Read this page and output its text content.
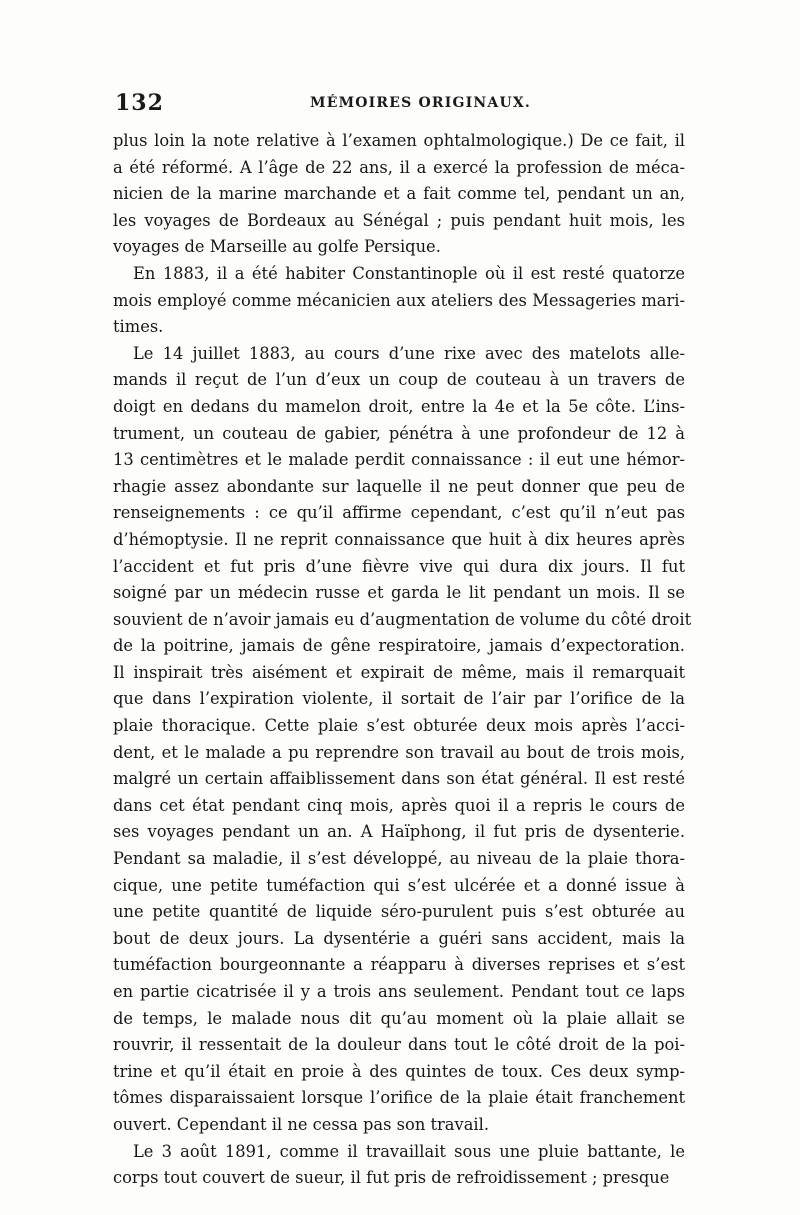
132	MÉMOIRES ORIGINAUX.
plus loin la note relative à l’examen ophtalmologique.) De ce fait, il
a été réformé. A l’âge de 22 ans, il a exercé la profession de méca-
nicien de la marine marchande et a fait comme tel, pendant un an,
les voyages de Bordeaux au Sénégal ; puis pendant huit mois, les
voyages de Marseille au golfe Persique.
En 1883, il a été habiter Constantinople où il est resté quatorze
mois employé comme mécanicien aux ateliers des Messageries mari-
times.
Le 14 juillet 1883, au cours d’une rixe avec des matelots alle-
mands il reçut de l’un d’eux un coup de couteau à un travers de
doigt en dedans du mamelon droit, entre la 4e et la 5e côte. L’ins-
trument, un couteau de gabier, pénétra à une profondeur de 12 à
13 centimètres et le malade perdit connaissance : il eut une hémor-
rhagie assez abondante sur laquelle il ne peut donner que peu de
renseignements : ce qu’il affirme cependant, c’est qu’il n’eut pas
d’hémoptysie. Il ne reprit connaissance que huit à dix heures après
l’accident et fut pris d’une fièvre vive qui dura dix jours. Il fut
soigné par un médecin russe et garda le lit pendant un mois. Il se
souvient de n’avoir jamais eu d’augmentation de volume du côté droit
de la poitrine, jamais de gêne respiratoire, jamais d’expectoration.
Il inspirait très aisément et expirait de même, mais il remarquait
que dans l’expiration violente, il sortait de l’air par l’orifice de la
plaie thoracique. Cette plaie s’est obturée deux mois après l’acci-
dent, et le malade a pu reprendre son travail au bout de trois mois,
malgré un certain affaiblissement dans son état général. Il est resté
dans cet état pendant cinq mois, après quoi il a repris le cours de
ses voyages pendant un an. A Haïphong, il fut pris de dysenterie.
Pendant sa maladie, il s’est développé, au niveau de la plaie thora-
cique, une petite tuméfaction qui s’est ulcérée et a donné issue à
une petite quantité de liquide séro-purulent puis s’est obturée au
bout de deux jours. La dysentérie a guéri sans accident, mais la
tuméfaction bourgeonnante a réapparu à diverses reprises et s’est
en partie cicatrisée il y a trois ans seulement. Pendant tout ce laps
de temps, le malade nous dit qu’au moment où la plaie allait se
rouvrir, il ressentait de la douleur dans tout le côté droit de la poi-
trine et qu’il était en proie à des quintes de toux. Ces deux symp-
tômes disparaissaient lorsque l’orifice de la plaie était franchement
ouvert. Cependant il ne cessa pas son travail.
Le 3 août 1891, comme il travaillait sous une pluie battante, le
corps tout couvert de sueur, il fut pris de refroidissement ; presque
